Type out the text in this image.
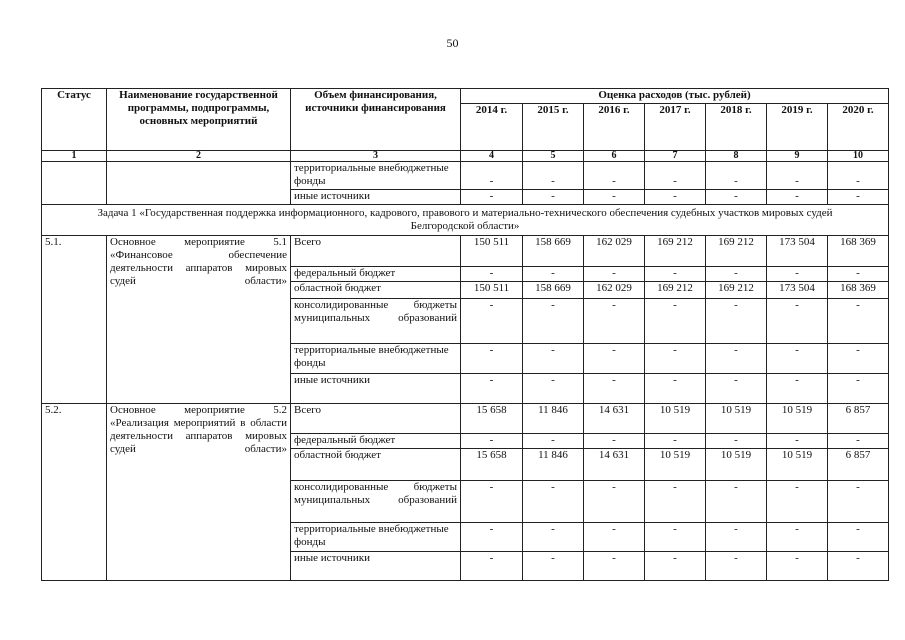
50
Статус	Наименование государственной программы, подпрограммы, основных мероприятий	Объем финансирования, источники финансирования	Оценка расходов (тыс. рублей)						
			2014 г.	2015 г.	2016 г.	2017 г.	2018 г.	2019 г.	2020 г.
1	2	3	4	5	6	7	8	9	10
		территориальные внебюджетные фонды	-	-	-	-	-	-	-
		иные источники	-	-	-	-	-	-	-
Задача 1 «Государственная поддержка информационного, кадрового, правового и материально-технического обеспечения судебных участков мировых судей Белгородской области»									
5.1.	Основное мероприятие 5.1 «Финансовое обеспечение деятельности аппаратов мировых судей области»	Всего	150 511	158 669	162 029	169 212	169 212	173 504	168 369
		федеральный бюджет	-	-	-	-	-	-	-
		областной бюджет	150 511	158 669	162 029	169 212	169 212	173 504	168 369
		консолидированные бюджеты муниципальных образований	-	-	-	-	-	-	-
		территориальные внебюджетные фонды	-	-	-	-	-	-	-
		иные источники	-	-	-	-	-	-	-
5.2.	Основное мероприятие 5.2 «Реализация мероприятий в области деятельности аппаратов мировых судей области»	Всего	15 658	11 846	14 631	10 519	10 519	10 519	6 857
		федеральный бюджет	-	-	-	-	-	-	-
		областной бюджет	15 658	11 846	14 631	10 519	10 519	10 519	6 857
		консолидированные бюджеты муниципальных образований	-	-	-	-	-	-	-
		территориальные внебюджетные фонды	-	-	-	-	-	-	-
		иные источники	-	-	-	-	-	-	-
